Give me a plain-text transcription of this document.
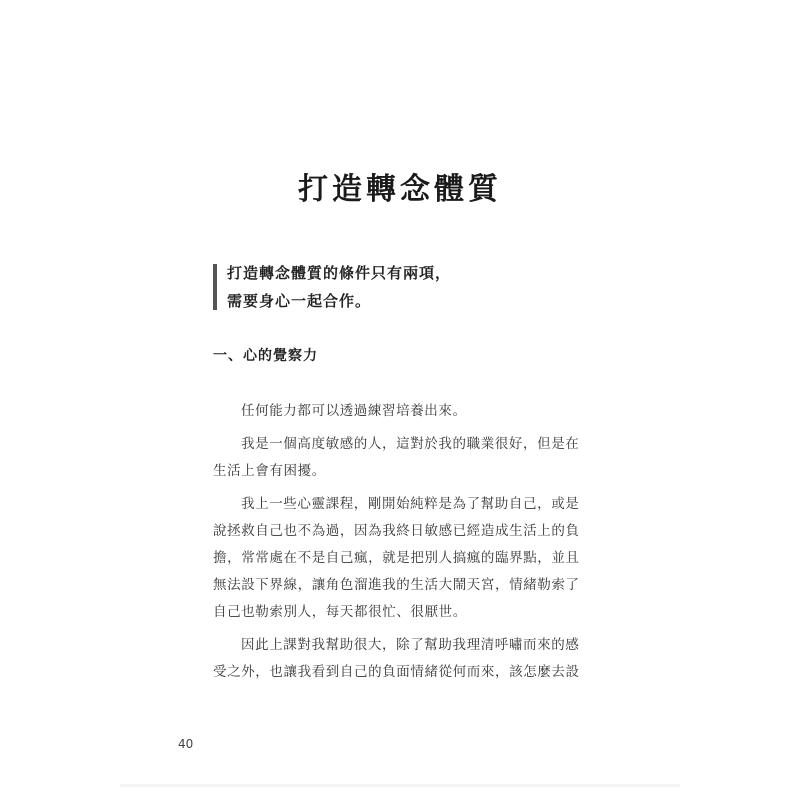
打造轉念體質
打造轉念體質的條件只有兩項，
需要身心一起合作。
一、心的覺察力
任何能力都可以透過練習培養出來。
我是一個高度敏感的人，這對於我的職業很好，但是在
生活上會有困擾。
我上一些心靈課程，剛開始純粹是為了幫助自己，或是
說拯救自己也不為過，因為我終日敏感已經造成生活上的負
擔，常常處在不是自己瘋，就是把別人搞瘋的臨界點，並且
無法設下界線，讓角色溜進我的生活大鬧天宮，情緒勒索了
自己也勒索別人，每天都很忙、很厭世。
因此上課對我幫助很大，除了幫助我理清呼嘯而來的感
受之外，也讓我看到自己的負面情緒從何而來，該怎麼去設
40
